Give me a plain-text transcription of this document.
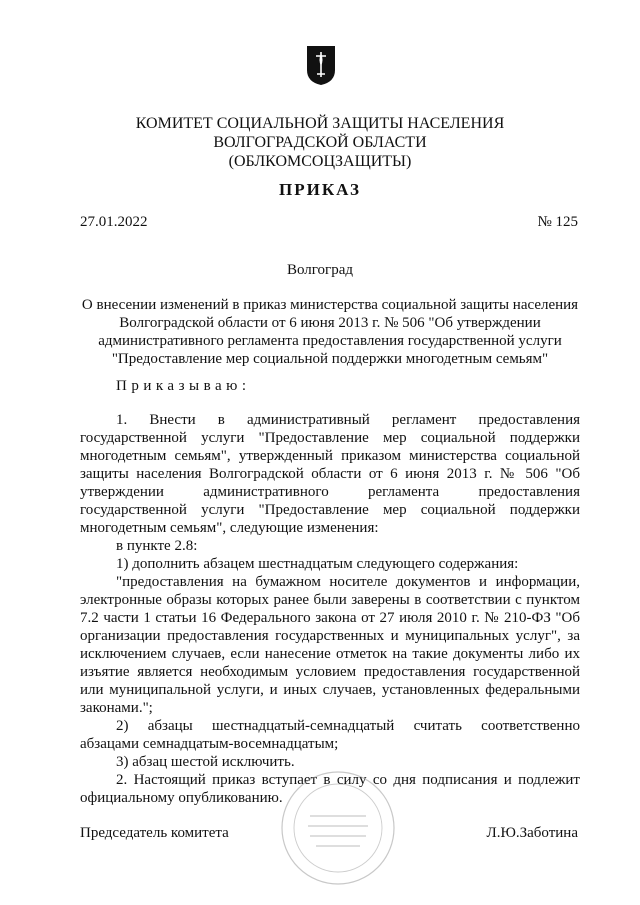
КОМИТЕТ СОЦИАЛЬНОЙ ЗАЩИТЫ НАСЕЛЕНИЯ
ВОЛГОГРАДСКОЙ ОБЛАСТИ
(ОБЛКОМСОЦЗАЩИТЫ)
ПРИКАЗ
27.01.2022	№ 125
Волгоград
О внесении изменений в приказ министерства социальной защиты населения
Волгоградской области от 6 июня 2013 г. № 506 "Об утверждении
административного регламента предоставления государственной услуги
"Предоставление мер социальной поддержки многодетным семьям"
Приказываю:

1. Внести в административный регламент предоставления государственной услуги "Предоставление мер социальной поддержки многодетным семьям", утвержденный приказом министерства социальной защиты населения Волгоградской области от 6 июня 2013 г. № 506 "Об утверждении административного регламента предоставления государственной услуги "Предоставление мер социальной поддержки многодетным семьям", следующие изменения:

в пункте 2.8:

1) дополнить абзацем шестнадцатым следующего содержания:

"предоставления на бумажном носителе документов и информации, электронные образы которых ранее были заверены в соответствии с пунктом 7.2 части 1 статьи 16 Федерального закона от 27 июля 2010 г. № 210-ФЗ "Об организации предоставления государственных и муниципальных услуг", за исключением случаев, если нанесение отметок на такие документы либо их изъятие является необходимым условием предоставления государственной или муниципальной услуги, и иных случаев, установленных федеральными законами.";

2) абзацы шестнадцатый-семнадцатый считать соответственно абзацами семнадцатым-восемнадцатым;

3) абзац шестой исключить.

2. Настоящий приказ вступает в силу со дня подписания и подлежит официальному опубликованию.

Председатель комитета	Л.Ю.Заботина
